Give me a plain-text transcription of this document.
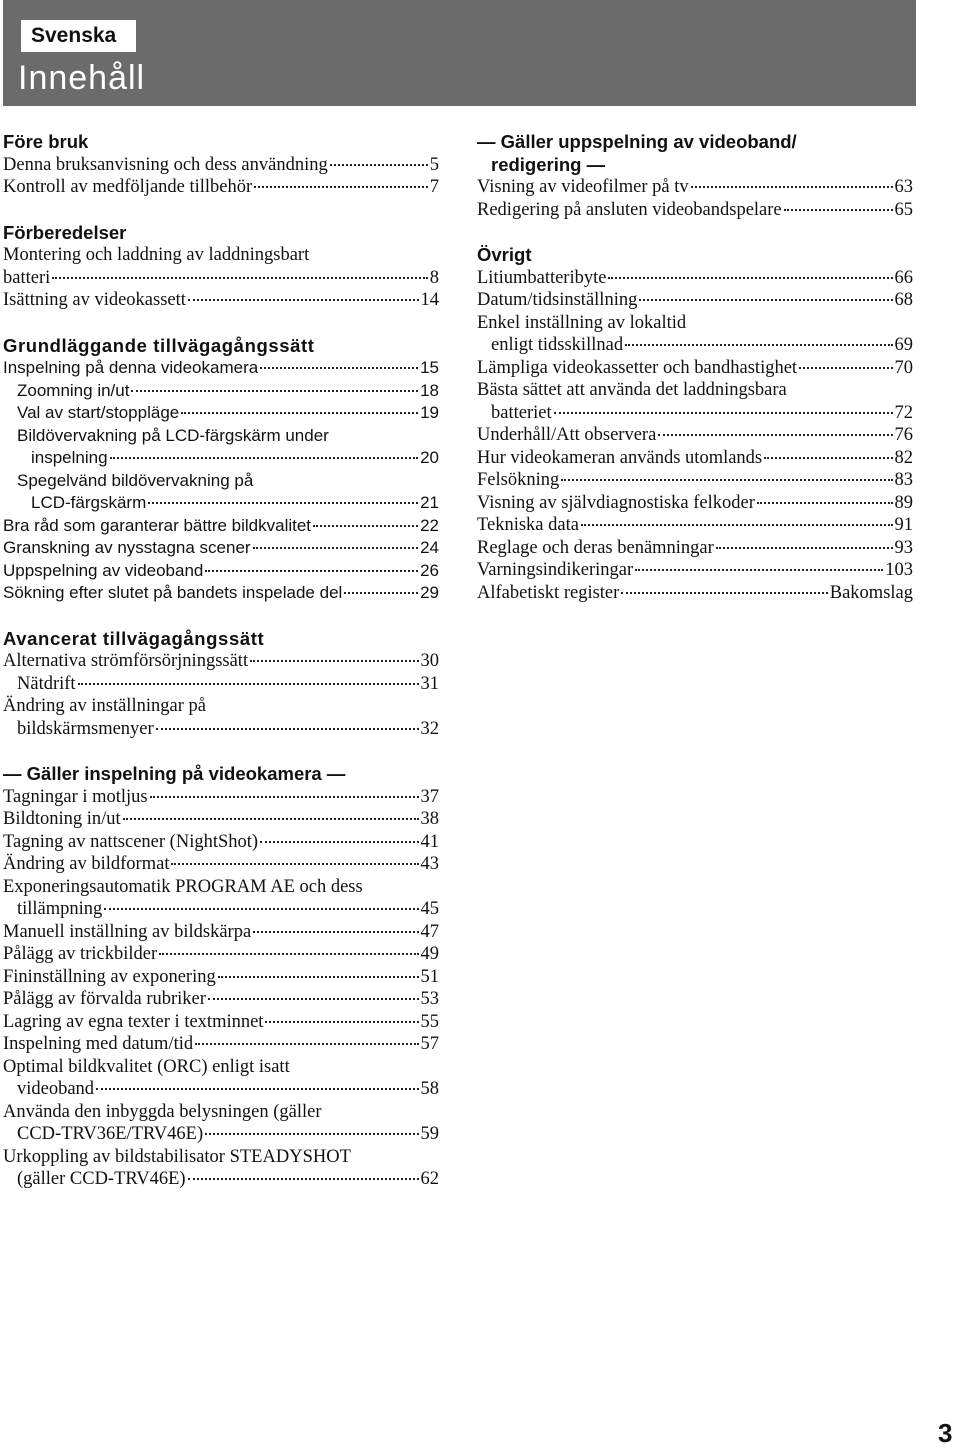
Svenska
Innehåll
Före bruk
Denna bruksanvisning och dess användning	5
Kontroll av medföljande tillbehör	7
Förberedelser
Montering och laddning av laddningsbart
batteri	8
Isättning av videokassett	14
Grundläggande tillvägagångssätt
Inspelning på denna videokamera	15
Zoomning in/ut	18
Val av start/stoppläge	19
Bildövervakning på LCD-färgskärm under
inspelning	20
Spegelvänd bildövervakning på
LCD-färgskärm	21
Bra råd som garanterar bättre bildkvalitet	22
Granskning av nysstagna scener	24
Uppspelning av videoband	26
Sökning efter slutet på bandets inspelade del	29
Avancerat tillvägagångssätt
Alternativa strömförsörjningssätt	30
Nätdrift	31
Ändring av inställningar på
bildskärmsmenyer	32
— Gäller inspelning på videokamera —
Tagningar i motljus	37
Bildtoning in/ut	38
Tagning av nattscener (NightShot)	41
Ändring av bildformat	43
Exponeringsautomatik PROGRAM AE och dess
tillämpning	45
Manuell inställning av bildskärpa	47
Pålägg av trickbilder	49
Fininställning av exponering	51
Pålägg av förvalda rubriker	53
Lagring av egna texter i textminnet	55
Inspelning med datum/tid	57
Optimal bildkvalitet (ORC) enligt isatt
videoband	58
Använda den inbyggda belysningen (gäller
CCD-TRV36E/TRV46E)	59
Urkoppling av bildstabilisator STEADYSHOT
(gäller CCD-TRV46E)	62
— Gäller uppspelning av videoband/
redigering —
Visning av videofilmer på tv	63
Redigering på ansluten videobandspelare	65
Övrigt
Litiumbatteribyte	66
Datum/tidsinställning	68
Enkel inställning av lokaltid
enligt tidsskillnad	69
Lämpliga videokassetter och bandhastighet	70
Bästa sättet att använda det laddningsbara
batteriet	72
Underhåll/Att observera	76
Hur videokameran används utomlands	82
Felsökning	83
Visning av självdiagnostiska felkoder	89
Tekniska data	91
Reglage och deras benämningar	93
Varningsindikeringar	103
Alfabetiskt register	Bakomslag
3
